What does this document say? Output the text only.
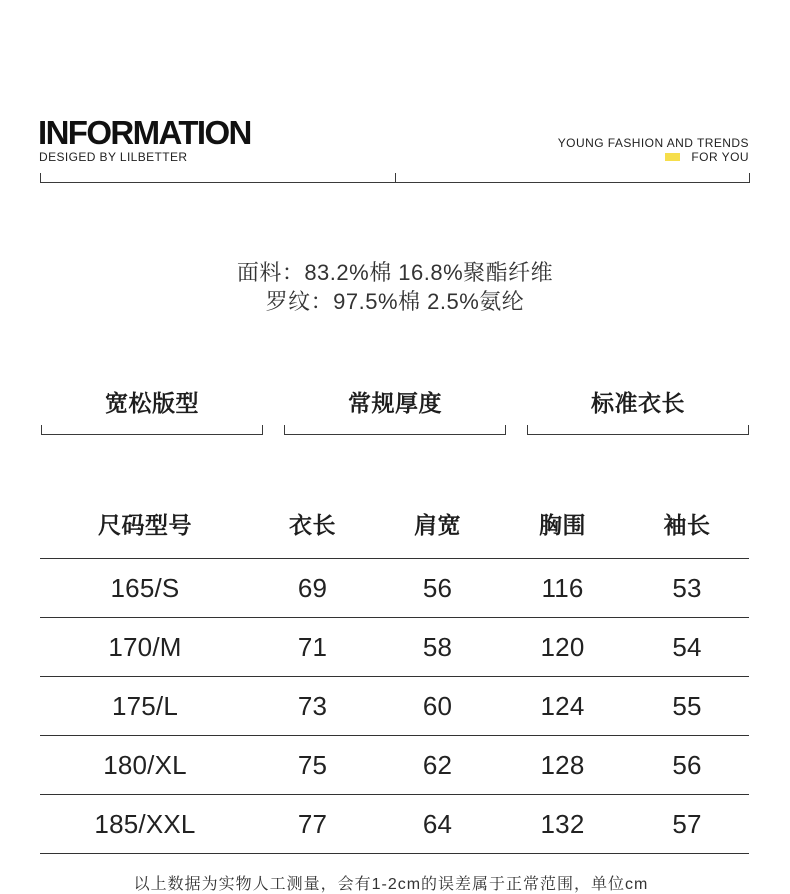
INFORMATION
DESIGED BY LILBETTER
YOUNG FASHION AND TRENDS
FOR YOU
面料：83.2%棉 16.8%聚酯纤维
罗纹：97.5%棉 2.5%氨纶
宽松版型	常规厚度	标准衣长
尺码型号	衣长	肩宽	胸围	袖长
165/S	69	56	116	53
170/M	71	58	120	54
175/L	73	60	124	55
180/XL	75	62	128	56
185/XXL	77	64	132	57
以上数据为实物人工测量，会有1-2cm的误差属于正常范围，单位cm
